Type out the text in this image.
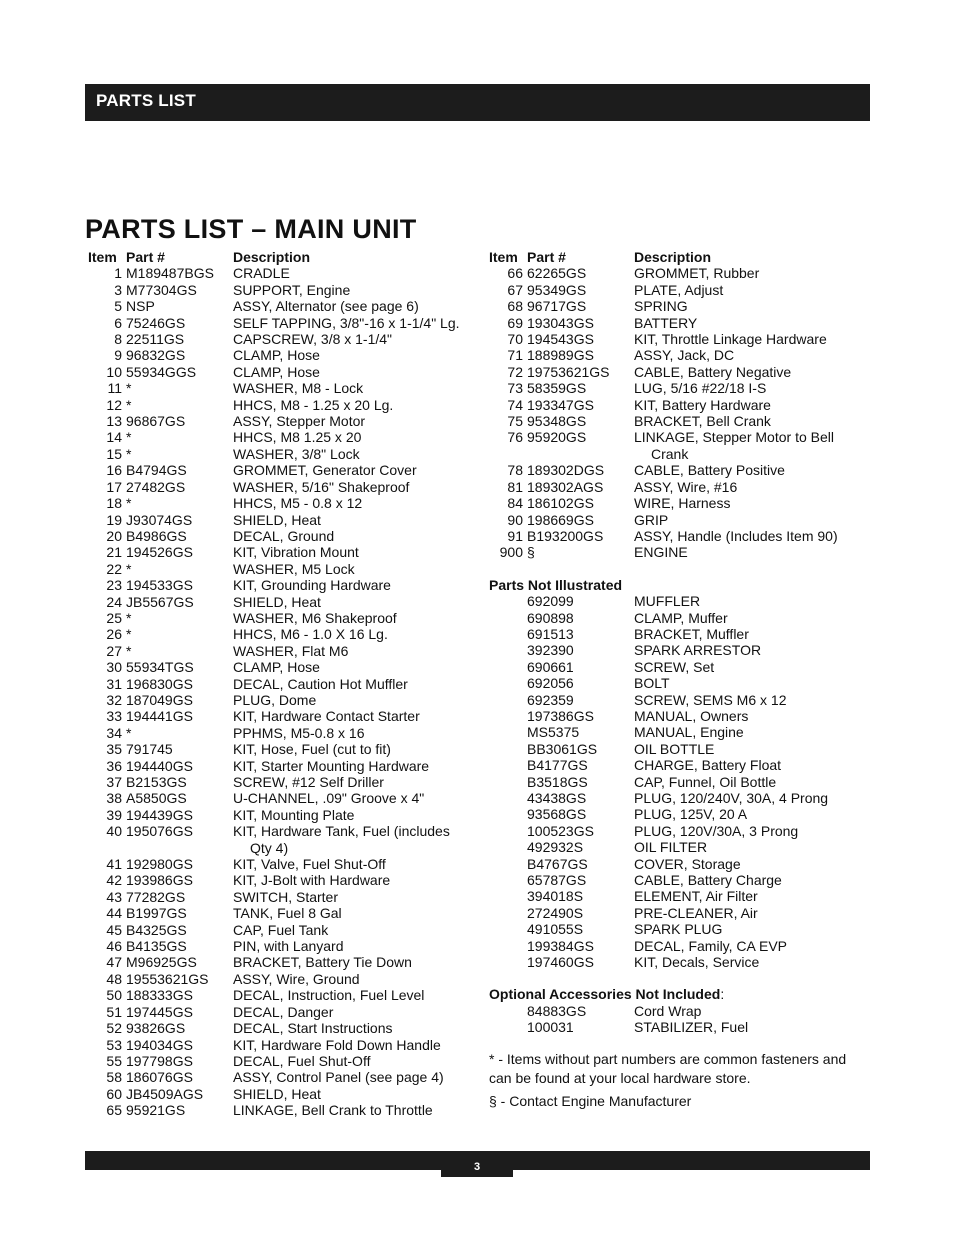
PARTS LIST
PARTS LIST – MAIN UNIT
Item Part #	Description
1 M189487BGS	CRADLE
3 M77304GS	SUPPORT, Engine
5 NSP	ASSY, Alternator (see page 6)
6 75246GS	SELF TAPPING, 3/8"-16 x 1-1/4" Lg.
8 22511GS	CAPSCREW, 3/8 x 1-1/4"
9 96832GS	CLAMP, Hose
10 55934GGS	CLAMP, Hose
11 *	WASHER, M8 - Lock
12 *	HHCS, M8 - 1.25 x 20 Lg.
13 96867GS	ASSY, Stepper Motor
14 *	HHCS, M8 1.25 x 20
15 *	WASHER, 3/8" Lock
16 B4794GS	GROMMET, Generator Cover
17 27482GS	WASHER, 5/16" Shakeproof
18 *	HHCS, M5 - 0.8 x 12
19 J93074GS	SHIELD, Heat
20 B4986GS	DECAL, Ground
21 194526GS	KIT, Vibration Mount
22 *	WASHER, M5 Lock
23 194533GS	KIT, Grounding Hardware
24 JB5567GS	SHIELD, Heat
25 *	WASHER, M6 Shakeproof
26 *	HHCS, M6 - 1.0 X 16 Lg.
27 *	WASHER, Flat M6
30 55934TGS	CLAMP, Hose
31 196830GS	DECAL, Caution Hot Muffler
32 187049GS	PLUG, Dome
33 194441GS	KIT, Hardware Contact Starter
34 *	PPHMS, M5-0.8 x 16
35 791745	KIT, Hose, Fuel (cut to fit)
36 194440GS	KIT, Starter Mounting Hardware
37 B2153GS	SCREW, #12 Self Driller
38 A5850GS	U-CHANNEL, .09" Groove x 4"
39 194439GS	KIT, Mounting Plate
40 195076GS	KIT, Hardware Tank, Fuel (includes
Qty 4)
41 192980GS	KIT, Valve, Fuel Shut-Off
42 193986GS	KIT, J-Bolt with Hardware
43 77282GS	SWITCH, Starter
44 B1997GS	TANK, Fuel 8 Gal
45 B4325GS	CAP, Fuel Tank
46 B4135GS	PIN, with Lanyard
47 M96925GS	BRACKET, Battery Tie Down
48 19553621GS	ASSY, Wire, Ground
50 188333GS	DECAL, Instruction, Fuel Level
51 197445GS	DECAL, Danger
52 93826GS	DECAL, Start Instructions
53 194034GS	KIT, Hardware Fold Down Handle
55 197798GS	DECAL, Fuel Shut-Off
58 186076GS	ASSY, Control Panel (see page 4)
60 JB4509AGS	SHIELD, Heat
65 95921GS	LINKAGE, Bell Crank to Throttle
Item Part #	Description
66 62265GS	GROMMET, Rubber
67 95349GS	PLATE, Adjust
68 96717GS	SPRING
69 193043GS	BATTERY
70 194543GS	KIT, Throttle Linkage Hardware
71 188989GS	ASSY, Jack, DC
72 19753621GS	CABLE, Battery Negative
73 58359GS	LUG, 5/16 #22/18 I-S
74 193347GS	KIT, Battery Hardware
75 95348GS	BRACKET, Bell Crank
76 95920GS	LINKAGE, Stepper Motor to Bell
Crank
78 189302DGS	CABLE, Battery Positive
81 189302AGS	ASSY, Wire, #16
84 186102GS	WIRE, Harness
90 198669GS	GRIP
91 B193200GS	ASSY, Handle (Includes Item 90)
900 §	ENGINE
Parts Not Illustrated
692099	MUFFLER
690898	CLAMP, Muffer
691513	BRACKET, Muffler
392390	SPARK ARRESTOR
690661	SCREW, Set
692056	BOLT
692359	SCREW, SEMS M6 x 12
197386GS	MANUAL, Owners
MS5375	MANUAL, Engine
BB3061GS	OIL BOTTLE
B4177GS	CHARGE, Battery Float
B3518GS	CAP, Funnel, Oil Bottle
43438GS	PLUG, 120/240V, 30A, 4 Prong
93568GS	PLUG, 125V, 20 A
100523GS	PLUG, 120V/30A, 3 Prong
492932S	OIL FILTER
B4767GS	COVER, Storage
65787GS	CABLE, Battery Charge
394018S	ELEMENT, Air Filter
272490S	PRE-CLEANER, Air
491055S	SPARK PLUG
199384GS	DECAL, Family, CA EVP
197460GS	KIT, Decals, Service
Optional Accessories Not Included:
84883GS	Cord Wrap
100031	STABILIZER, Fuel
* - Items without part numbers are common fasteners and can be found at your local hardware store.
§ - Contact Engine Manufacturer
3
